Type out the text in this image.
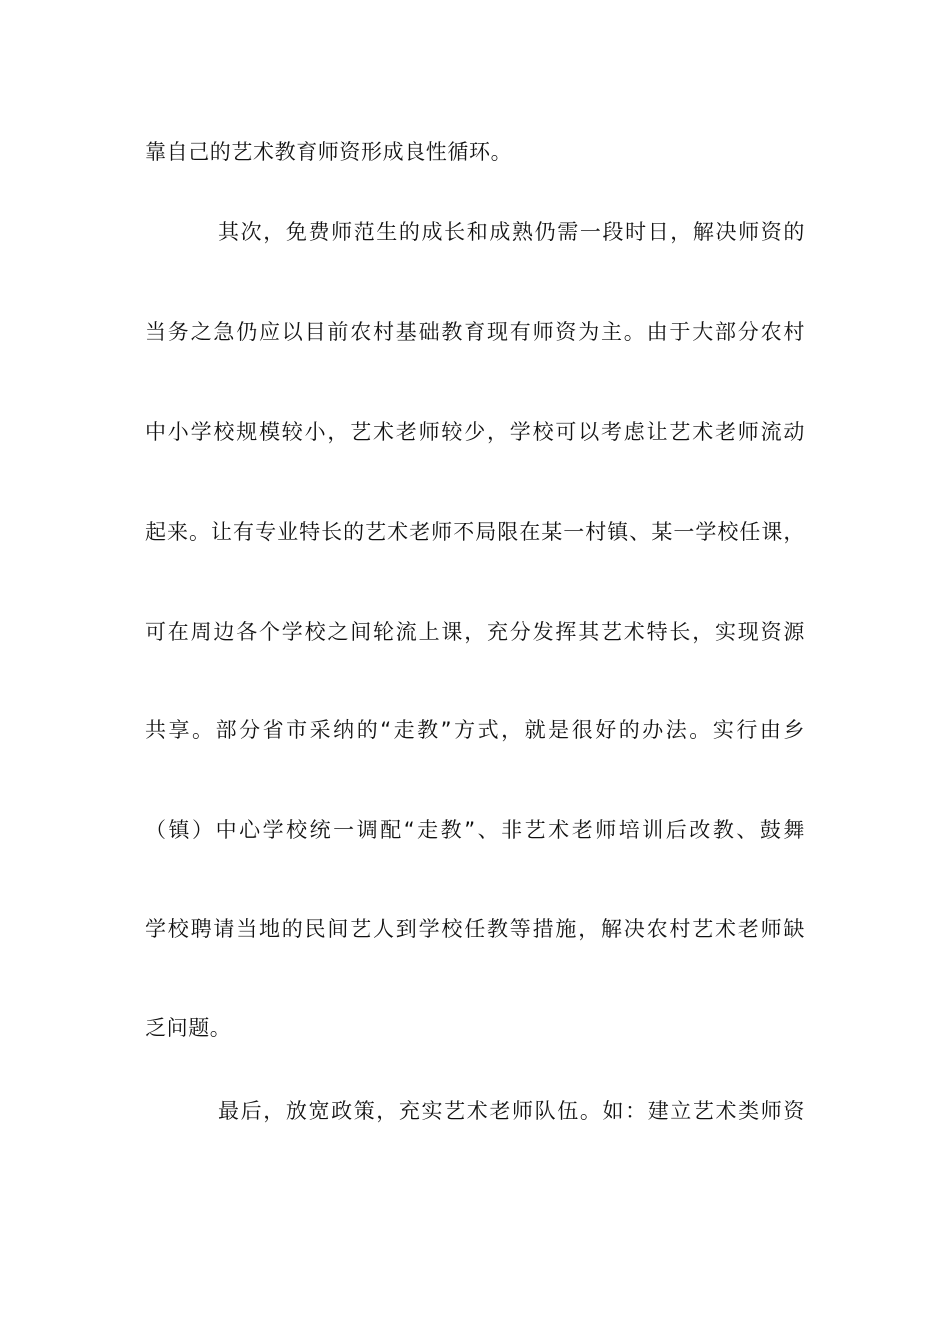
靠自己的艺术教育师资形成良性循环。
其次，免费师范生的成长和成熟仍需一段时日，解决师资的
当务之急仍应以目前农村基础教育现有师资为主。由于大部分农村
中小学校规模较小，艺术老师较少，学校可以考虑让艺术老师流动
起来。让有专业特长的艺术老师不局限在某一村镇、某一学校任课，
可在周边各个学校之间轮流上课，充分发挥其艺术特长，实现资源
共享。部分省市采纳的“走教”方式，就是很好的办法。实行由乡
（镇）中心学校统一调配“走教”、非艺术老师培训后改教、鼓舞
学校聘请当地的民间艺人到学校任教等措施，解决农村艺术老师缺
乏问题。
最后，放宽政策，充实艺术老师队伍。如：建立艺术类师资
